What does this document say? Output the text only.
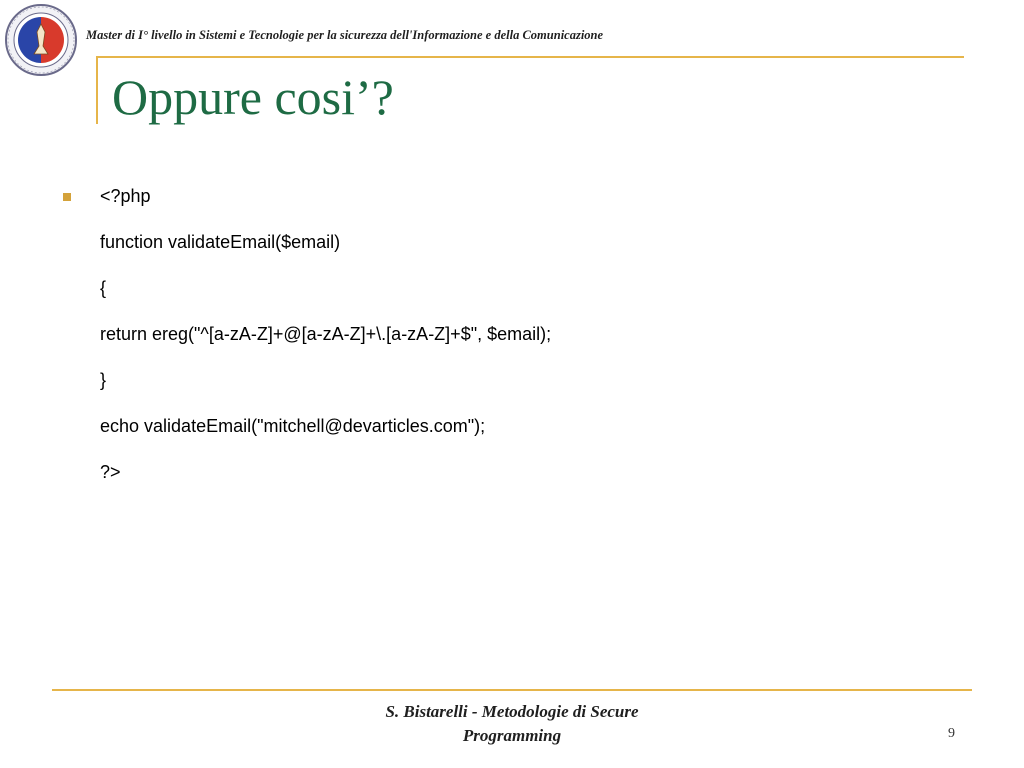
Master di I° livello in Sistemi e Tecnologie per la sicurezza dell'Informazione e della Comunicazione
Oppure cosi’?
<?php
function validateEmail($email)
{
return ereg("^[a-zA-Z]+@[a-zA-Z]+\.[a-zA-Z]+$", $email);
}
echo validateEmail("mitchell@devarticles.com");
?>
S. Bistarelli - Metodologie di Secure
Programming	9
